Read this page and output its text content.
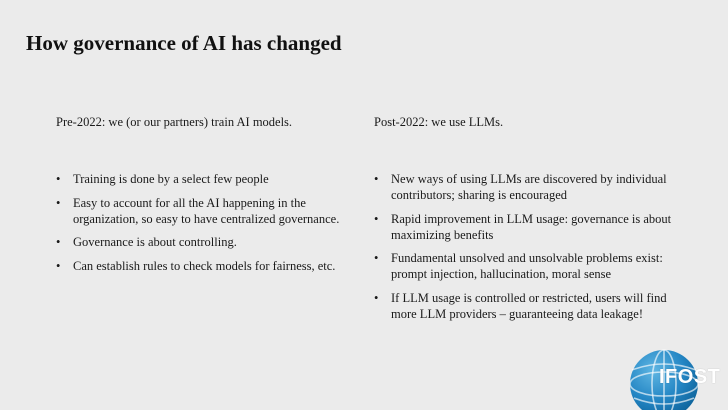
How governance of AI has changed
Pre-2022: we (or our partners) train AI models.
• Training is done by a select few people
• Easy to account for all the AI happening in the organization, so easy to have centralized governance.
• Governance is about controlling.
• Can establish rules to check models for fairness, etc.
Post-2022: we use LLMs.
• New ways of using LLMs are discovered by individual contributors; sharing is encouraged
• Rapid improvement in LLM usage: governance is about maximizing benefits
• Fundamental unsolved and unsolvable problems exist: prompt injection, hallucination, moral sense
• If LLM usage is controlled or restricted, users will find more LLM providers – guaranteeing data leakage!
IFOST
